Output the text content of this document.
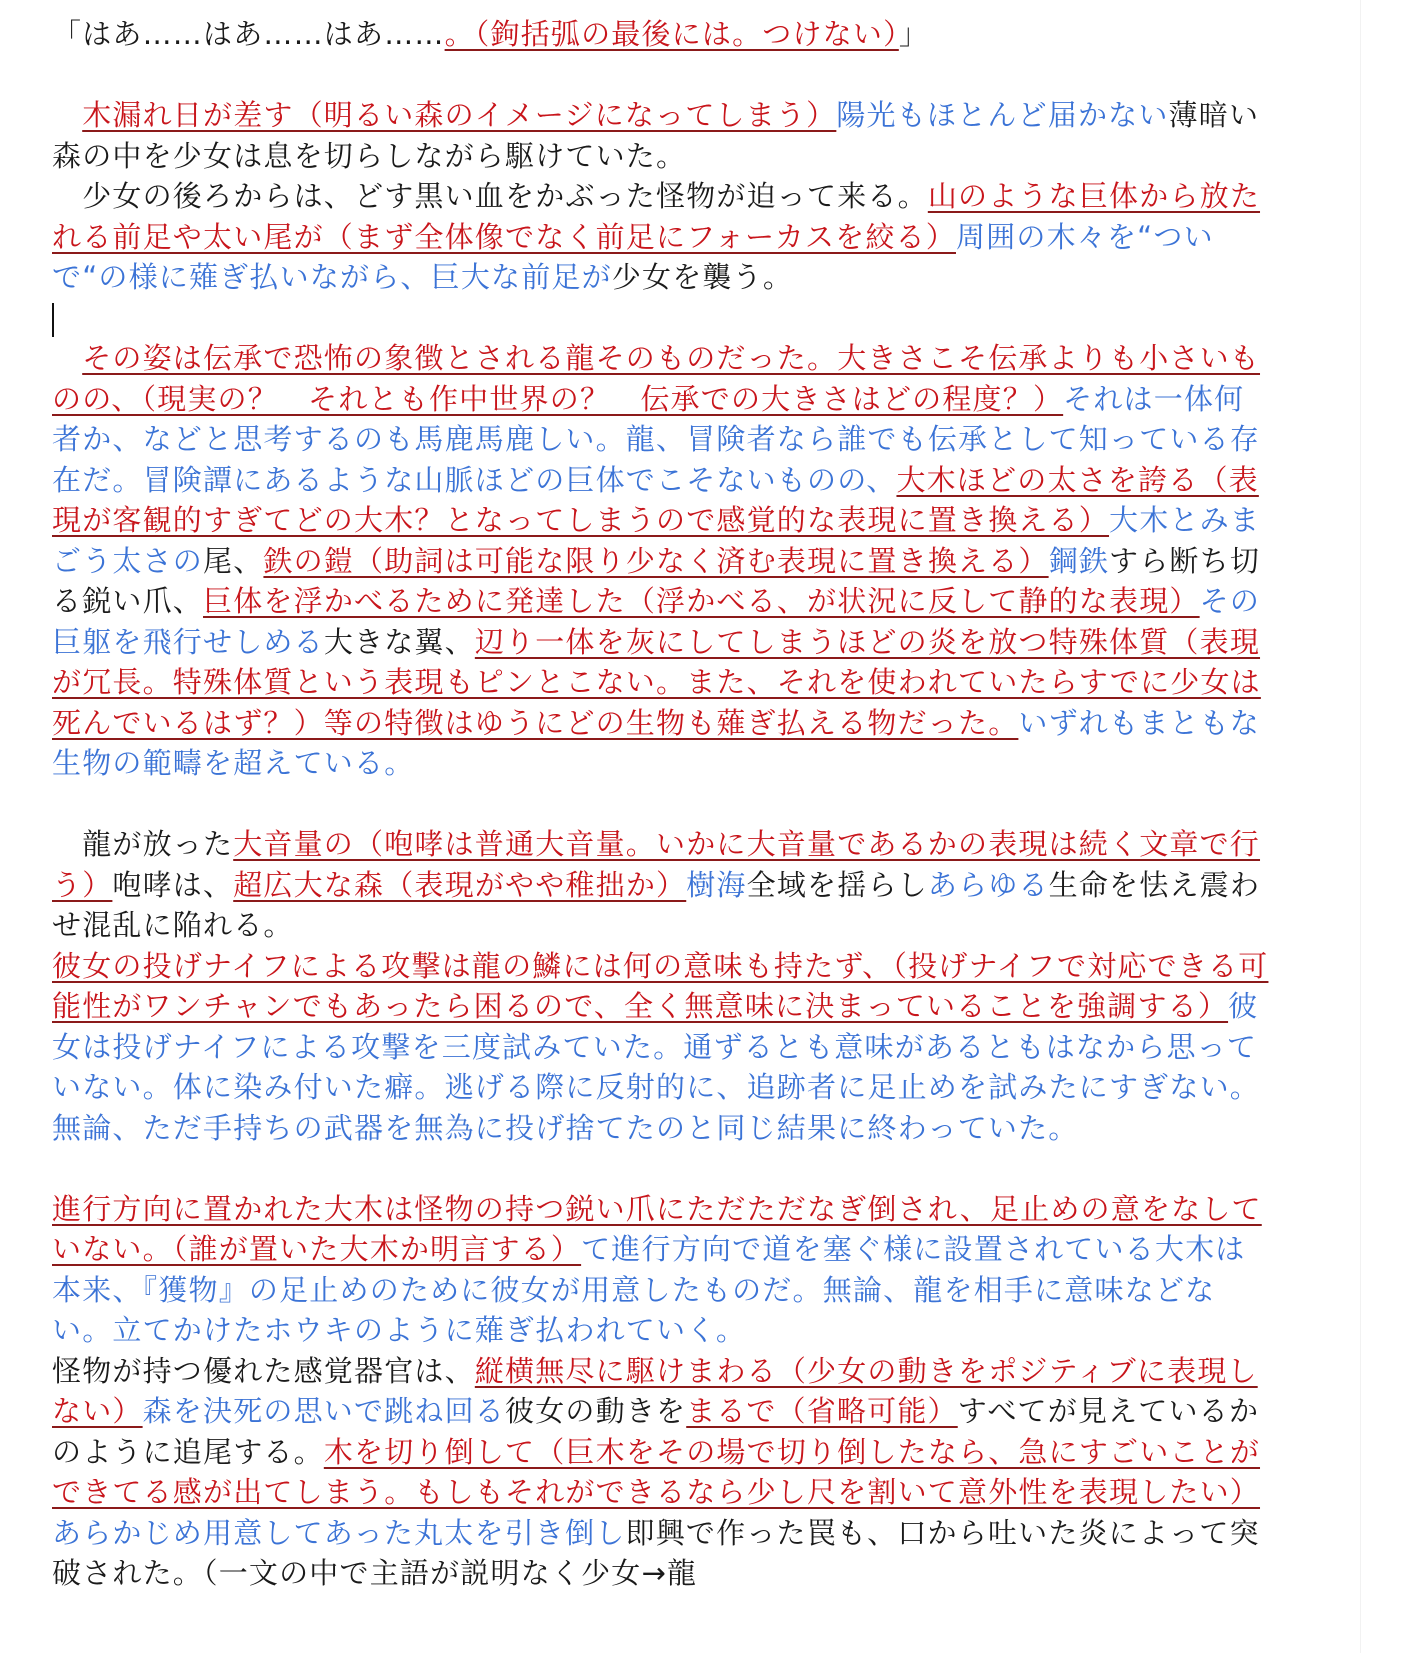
「はあ……はあ……はあ……。（鉤括弧の最後には。つけない）」

　木漏れ日が差す（明るい森のイメージになってしまう）陽光もほとんど届かない薄暗い森の中を少女は息を切らしながら駆けていた。

　少女の後ろからは、どす黒い血をかぶった怪物が迫って来る。山のような巨体から放たれる前足や太い尾が（まず全体像でなく前足にフォーカスを絞る）周囲の木々を“ついで“の様に薙ぎ払いながら、巨大な前足が少女を襲う。

　その姿は伝承で恐怖の象徴とされる龍そのものだった。大きさこそ伝承よりも小さいものの、（現実の？　それとも作中世界の？　伝承での大きさはどの程度？）それは一体何者か、などと思考するのも馬鹿馬鹿しい。龍、冒険者なら誰でも伝承として知っている存在だ。冒険譚にあるような山脈ほどの巨体でこそないものの、大木ほどの太さを誇る（表現が客観的すぎてどの大木？となってしまうので感覚的な表現に置き換える）大木とみまごう太さの尾、鉄の鎧（助詞は可能な限り少なく済む表現に置き換える）鋼鉄すら断ち切る鋭い爪、巨体を浮かべるために発達した（浮かべる、が状況に反して静的な表現）その巨躯を飛行せしめる大きな翼、辺り一体を灰にしてしまうほどの炎を放つ特殊体質（表現が冗長。特殊体質という表現もピンとこない。また、それを使われていたらすでに少女は死んでいるはず？）等の特徴はゆうにどの生物も薙ぎ払える物だった。いずれもまともな生物の範疇を超えている。

　龍が放った大音量の（咆哮は普通大音量。いかに大音量であるかの表現は続く文章で行う）咆哮は、超広大な森（表現がやや稚拙か）樹海全域を揺らしあらゆる生命を怯え震わせ混乱に陥れる。

彼女の投げナイフによる攻撃は龍の鱗には何の意味も持たず、（投げナイフで対応できる可能性がワンチャンでもあったら困るので、全く無意味に決まっていることを強調する）彼女は投げナイフによる攻撃を三度試みていた。通ずるとも意味があるともはなから思っていない。体に染み付いた癖。逃げる際に反射的に、追跡者に足止めを試みたにすぎない。無論、ただ手持ちの武器を無為に投げ捨てたのと同じ結果に終わっていた。

進行方向に置かれた大木は怪物の持つ鋭い爪にただただなぎ倒され、足止めの意をなしていない。（誰が置いた大木か明言する）て進行方向で道を塞ぐ様に設置されている大木は本来、『獲物』の足止めのために彼女が用意したものだ。無論、龍を相手に意味などない。立てかけたホウキのように薙ぎ払われていく。

怪物が持つ優れた感覚器官は、縦横無尽に駆けまわる（少女の動きをポジティブに表現しない）森を決死の思いで跳ね回る彼女の動きをまるで（省略可能）すべてが見えているかのように追尾する。木を切り倒して（巨木をその場で切り倒したなら、急にすごいことができてる感が出てしまう。もしもそれができるなら少し尺を割いて意外性を表現したい）あらかじめ用意してあった丸太を引き倒し即興で作った罠も、口から吐いた炎によって突破された。（一文の中で主語が説明なく少女→龍
